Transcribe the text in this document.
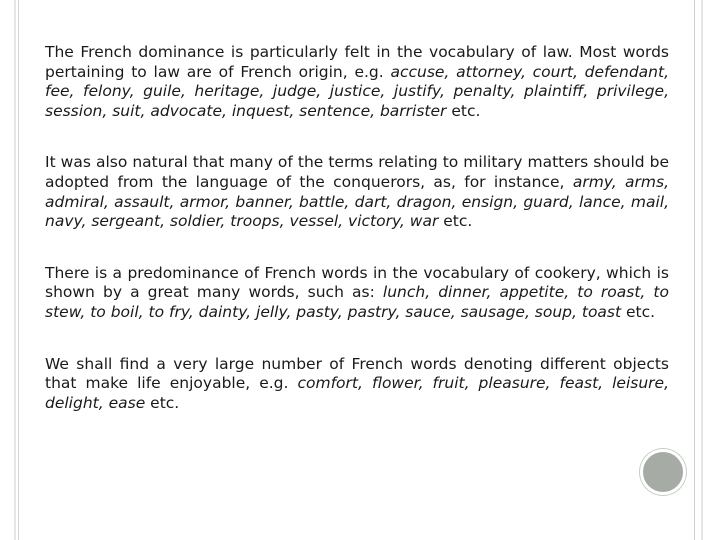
The French dominance is particularly felt in the vocabulary of law. Most words pertaining to law are of French origin, e.g. accuse, attorney, court, defendant, fee, felony, guile, heritage, judge, justice, justify, penalty, plaintiff, privilege, session, suit, advocate, inquest, sentence, barrister etc.

It was also natural that many of the terms relating to military matters should be adopted from the language of the conquerors, as, for instance, army, arms, admiral, assault, armor, banner, battle, dart, dragon, ensign, guard, lance, mail, navy, sergeant, soldier, troops, vessel, victory, war etc.

There is a predominance of French words in the vocabulary of cookery, which is shown by a great many words, such as: lunch, dinner, appetite, to roast, to stew, to boil, to fry, dainty, jelly, pasty, pastry, sauce, sausage, soup, toast etc.

We shall find a very large number of French words denoting different objects that make life enjoyable, e.g. comfort, flower, fruit, pleasure, feast, leisure, delight, ease etc.
